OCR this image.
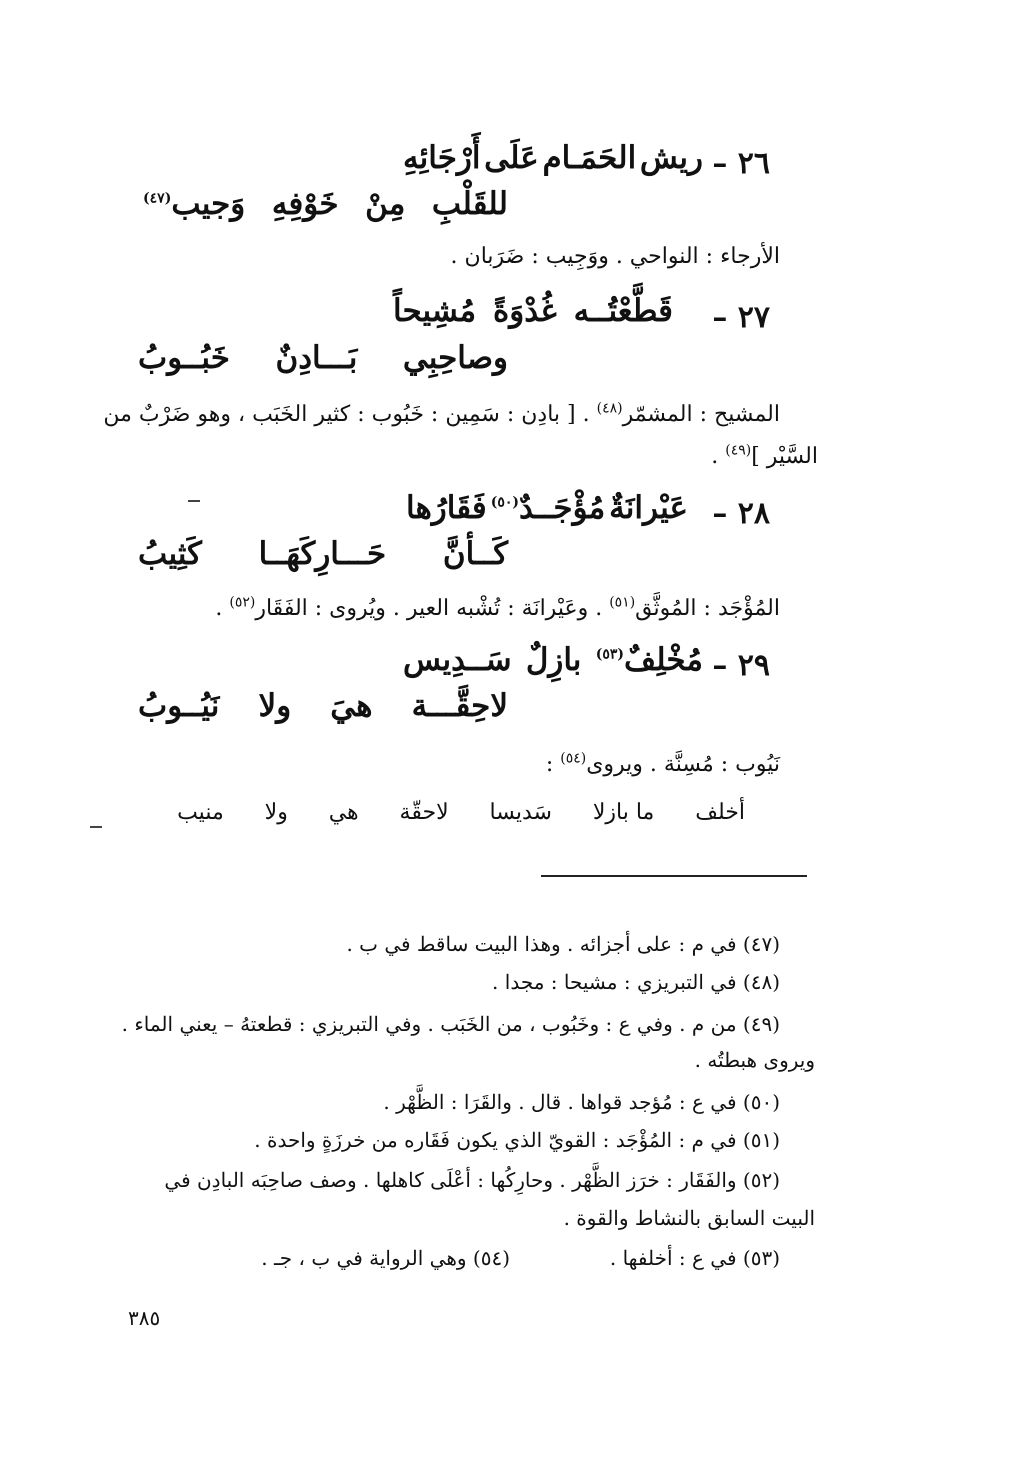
٢٦ –
ريش
الحَمَـام
عَلَى
أَرْجَائِهِ
للقَلْبِ
مِنْ
خَوْفِهِ
وَجيب$^{(٤٧)}$
الأرجاء : النواحي . ووَجِيب : ضَرَبان .
٢٧ –
قَطَّعْتُــه
غُدْوَةً
مُشِيحاً
وصاحِبِي
بَـــادِنٌ
خَبُــوبُ
المشيح : المشمّر$^{(٤٨)}$ . [ بادِن : سَمِين : خَبُوب : كثير الخَبَب ، وهو ضَرْبٌ من
السَّيْر ]$^{(٤٩)}$ .
٢٨ –
عَيْرانَةٌ
مُؤْجَــدٌ$^{(٥٠)}$
فَقَارُها
كَــأنَّ
حَـــارِكَهَــا
كَثِيبُ
المُؤْجَد : المُوثَّق$^{(٥١)}$ . وعَيْرانَة : تُشْبه العير . ويُروى : الفَقَار$^{(٥٢)}$ .
٢٩ –
مُخْلِفٌ$^{(٥٣)}$
بازِلٌ
سَــدِيس
لاحِقَّـــة
هيَ
ولا
نَيُــوبُ
نَيُوب : مُسِنَّة . ويروى$^{(٥٤)}$ :
أخلف
ما بازلا
سَديسا
لاحقّة
هي
ولا
منيب
(٤٧) في م : على أجزائه . وهذا البيت ساقط في ب .
(٤٨) في التبريزي : مشيحا : مجدا .
(٤٩) من م . وفي ع : وخَبُوب ، من الخَبَب . وفي التبريزي : قطعتهُ – يعني الماء .
ويروى هبطتُه .
(٥٠) في ع : مُؤجد قواها . قال . والقَرَا : الظَّهْر .
(٥١) في م : المُؤْجَد : القويّ الذي يكون فَقَاره من خرزَةٍ واحدة .
(٥٢) والفَقَار : خرَز الظَّهْر . وحارِكُها : أعْلَى كاهلها . وصف صاحِبَه البادِن في
البيت السابق بالنشاط والقوة .
(٥٣) في ع : أخلفها .
(٥٤) وهي الرواية في ب ، جـ .
٣٨٥
